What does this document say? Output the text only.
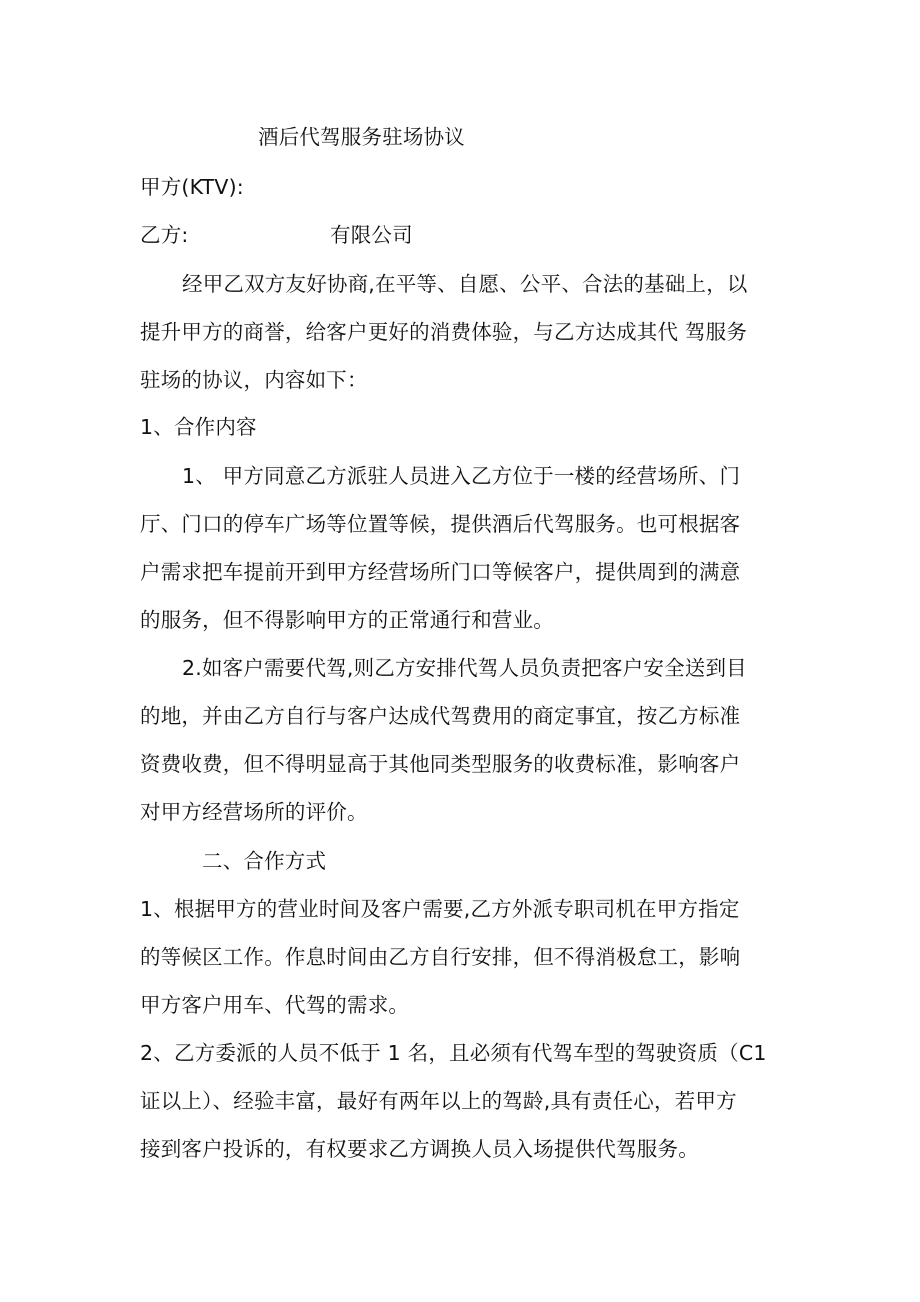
酒后代驾服务驻场协议
甲方(KTV):
乙方:	有限公司
经甲乙双方友好协商,在平等、自愿、公平、合法的基础上，以
提升甲方的商誉，给客户更好的消费体验，与乙方达成其代 驾服务
驻场的协议，内容如下：
1、合作内容
1、 甲方同意乙方派驻人员进入乙方位于一楼的经营场所、门
厅、门口的停车广场等位置等候，提供酒后代驾服务。也可根据客
户需求把车提前开到甲方经营场所门口等候客户，提供周到的满意
的服务，但不得影响甲方的正常通行和营业。
2.如客户需要代驾,则乙方安排代驾人员负责把客户安全送到目
的地，并由乙方自行与客户达成代驾费用的商定事宜，按乙方标准
资费收费，但不得明显高于其他同类型服务的收费标准，影响客户
对甲方经营场所的评价。
二、合作方式
1、根据甲方的营业时间及客户需要,乙方外派专职司机在甲方指定
的等候区工作。作息时间由乙方自行安排，但不得消极怠工，影响
甲方客户用车、代驾的需求。
2、乙方委派的人员不低于 1 名，且必须有代驾车型的驾驶资质（C1
证以上）、经验丰富，最好有两年以上的驾龄,具有责任心，若甲方
接到客户投诉的，有权要求乙方调换人员入场提供代驾服务。
